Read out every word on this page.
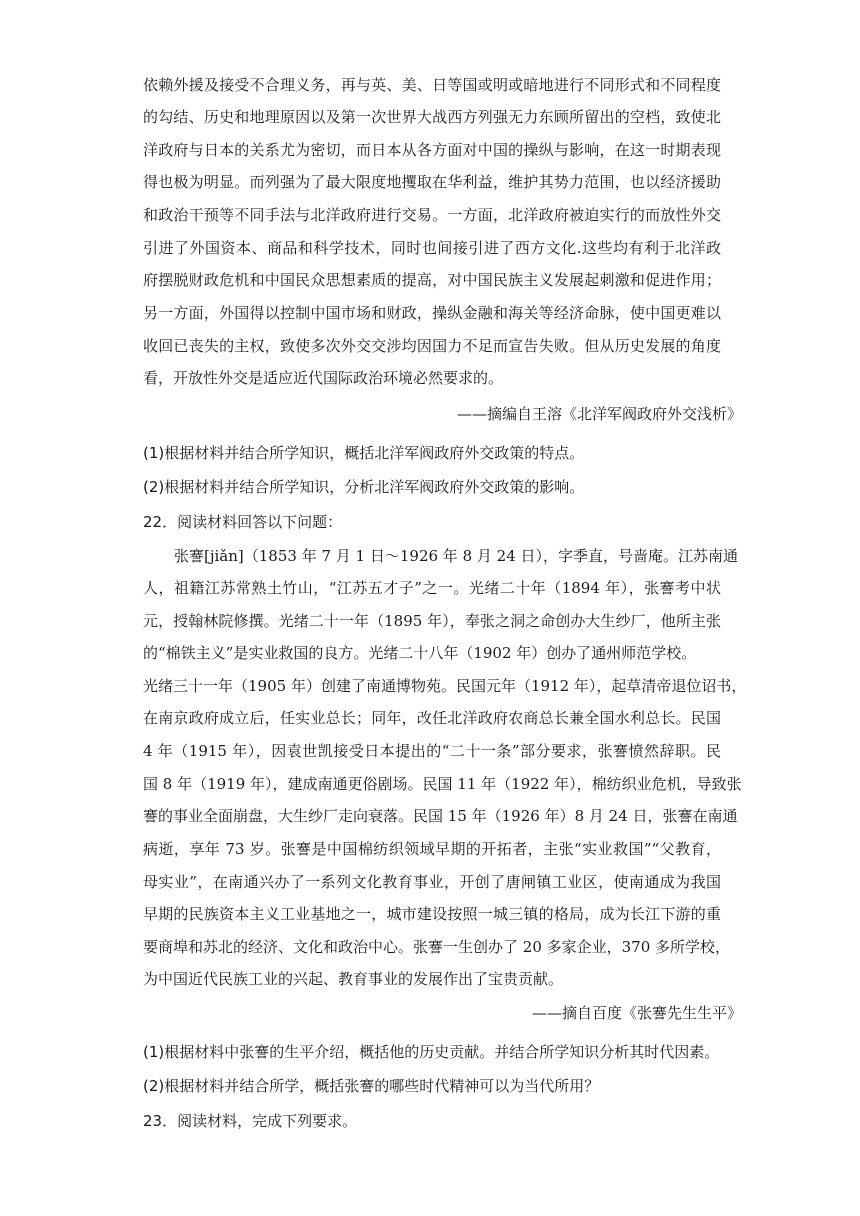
依赖外援及接受不合理义务，再与英、美、日等国或明或暗地进行不同形式和不同程度
的勾结、历史和地理原因以及第一次世界大战西方列强无力东顾所留出的空档，致使北
洋政府与日本的关系尤为密切，而日本从各方面对中国的操纵与影响，在这一时期表现
得也极为明显。而列强为了最大限度地攫取在华利益，维护其势力范围，也以经济援助
和政治干预等不同手法与北洋政府进行交易。一方面，北洋政府被迫实行的而放性外交
引进了外国资本、商品和科学技术，同时也间接引进了西方文化.这些均有利于北洋政
府摆脱财政危机和中国民众思想素质的提高，对中国民族主义发展起刺激和促进作用；
另一方面，外国得以控制中国市场和财政，操纵金融和海关等经济命脉，使中国更难以
收回已丧失的主权，致使多次外交交涉均因国力不足而宣告失败。但从历史发展的角度
看，开放性外交是适应近代国际政治环境必然要求的。
——摘编自王溶《北洋军阀政府外交浅析》
(1)根据材料并结合所学知识，概括北洋军阀政府外交政策的特点。
(2)根据材料并结合所学知识，分析北洋军阀政府外交政策的影响。
22．阅读材料回答以下问题：
张謇[jiǎn]（1853 年 7 月 1 日～1926 年 8 月 24 日），字季直，号啬庵。江苏南通
人，祖籍江苏常熟土竹山，“江苏五才子”之一。光绪二十年（1894 年），张謇考中状
元，授翰林院修撰。光绪二十一年（1895 年），奉张之洞之命创办大生纱厂，他所主张
的“棉铁主义”是实业救国的良方。光绪二十八年（1902 年）创办了通州师范学校。
光绪三十一年（1905 年）创建了南通博物苑。民国元年（1912 年），起草清帝退位诏书，
在南京政府成立后，任实业总长；同年，改任北洋政府农商总长兼全国水利总长。民国
4 年（1915 年），因袁世凯接受日本提出的“二十一条”部分要求，张謇愤然辞职。民
国 8 年（1919 年），建成南通更俗剧场。民国 11 年（1922 年），棉纺织业危机，导致张
謇的事业全面崩盘，大生纱厂走向衰落。民国 15 年（1926 年）8 月 24 日，张謇在南通
病逝，享年 73 岁。张謇是中国棉纺织领域早期的开拓者，主张“实业救国”“父教育，
母实业”，在南通兴办了一系列文化教育事业，开创了唐闸镇工业区，使南通成为我国
早期的民族资本主义工业基地之一，城市建设按照一城三镇的格局，成为长江下游的重
要商埠和苏北的经济、文化和政治中心。张謇一生创办了 20 多家企业，370 多所学校，
为中国近代民族工业的兴起、教育事业的发展作出了宝贵贡献。
——摘自百度《张謇先生生平》
(1)根据材料中张謇的生平介绍，概括他的历史贡献。并结合所学知识分析其时代因素。
(2)根据材料并结合所学，概括张謇的哪些时代精神可以为当代所用？
23．阅读材料，完成下列要求。
